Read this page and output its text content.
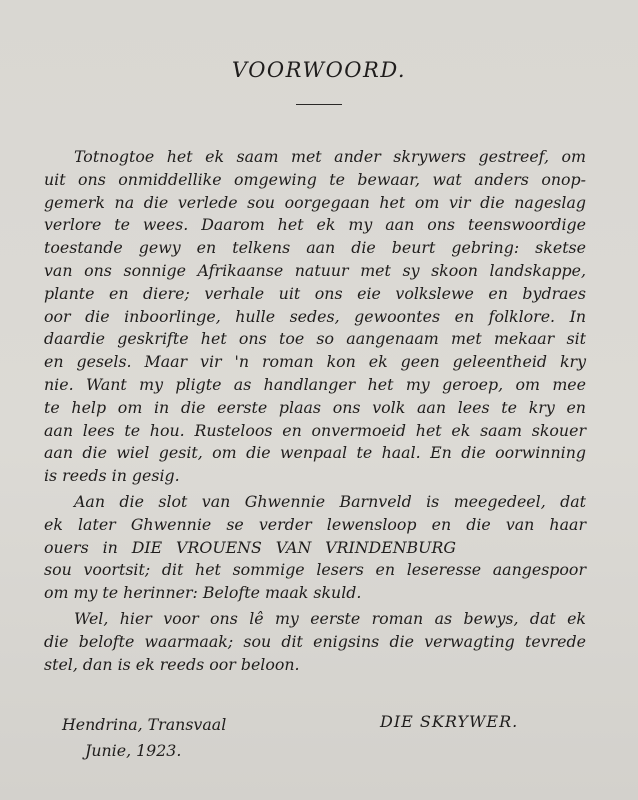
VOORWOORD.
Totnogtoe het ek saam met ander skrywers gestreef, om
uit ons onmiddellike omgewing te bewaar, wat anders onop-
gemerk na die verlede sou oorgegaan het om vir die nageslag
verlore te wees. Daarom het ek my aan ons teenswoordige
toestande gewy en telkens aan die beurt gebring: sketse
van ons sonnige Afrikaanse natuur met sy skoon landskappe,
plante en diere; verhale uit ons eie volkslewe en bydraes
oor die inboorlinge, hulle sedes, gewoontes en folklore. In
daardie geskrifte het ons toe so aangenaam met mekaar sit
en gesels. Maar vir 'n roman kon ek geen geleentheid kry
nie. Want my pligte as handlanger het my geroep, om mee
te help om in die eerste plaas ons volk aan lees te kry en
aan lees te hou. Rusteloos en onvermoeid het ek saam skouer
aan die wiel gesit, om die wenpaal te haal. En die oorwinning
is reeds in gesig.
Aan die slot van Ghwennie Barnveld is meegedeel, dat
ek later Ghwennie se verder lewensloop en die van haar
ouers in DIE VROUENS VAN VRINDENBURG
sou voortsit; dit het sommige lesers en leseresse aangespoor
om my te herinner: Belofte maak skuld.
Wel, hier voor ons lê my eerste roman as bewys, dat ek
die belofte waarmaak; sou dit enigsins die verwagting tevrede
stel, dan is ek reeds oor beloon.
Hendrina, Transvaal
Junie, 1923.
DIE SKRYWER.
